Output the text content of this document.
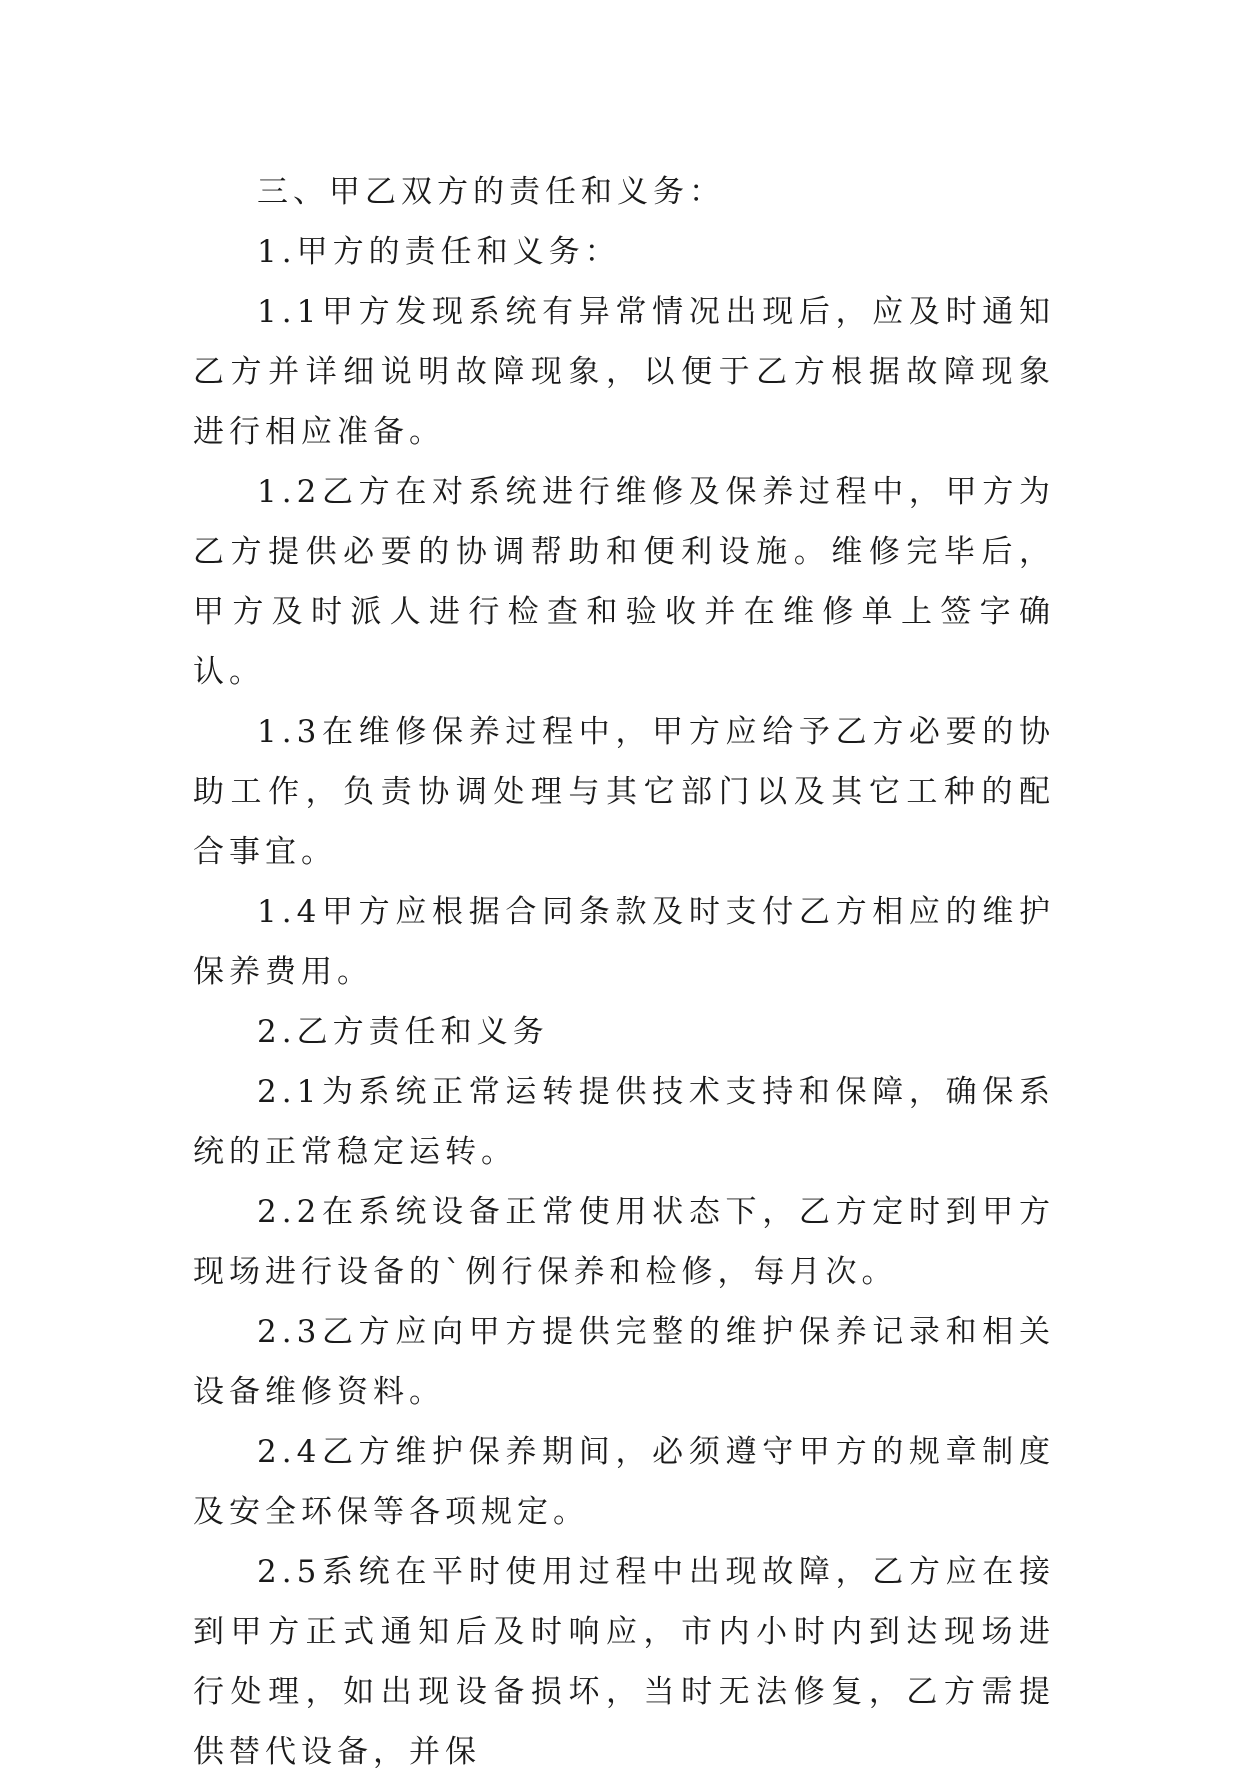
三、甲乙双方的责任和义务：

1.甲方的责任和义务：

1.1甲方发现系统有异常情况出现后，应及时通知乙方并详细说明故障现象，以便于乙方根据故障现象进行相应准备。

1.2乙方在对系统进行维修及保养过程中，甲方为乙方提供必要的协调帮助和便利设施。维修完毕后，甲方及时派人进行检查和验收并在维修单上签字确认。

1.3在维修保养过程中，甲方应给予乙方必要的协助工作，负责协调处理与其它部门以及其它工种的配合事宜。

1.4甲方应根据合同条款及时支付乙方相应的维护保养费用。

2.乙方责任和义务

2.1为系统正常运转提供技术支持和保障，确保系统的正常稳定运转。

2.2在系统设备正常使用状态下，乙方定时到甲方现场进行设备的`例行保养和检修，每月次。

2.3乙方应向甲方提供完整的维护保养记录和相关设备维修资料。

2.4乙方维护保养期间，必须遵守甲方的规章制度及安全环保等各项规定。

2.5系统在平时使用过程中出现故障，乙方应在接到甲方正式通知后及时响应，市内小时内到达现场进行处理，如出现设备损坏，当时无法修复，乙方需提供替代设备，并保
